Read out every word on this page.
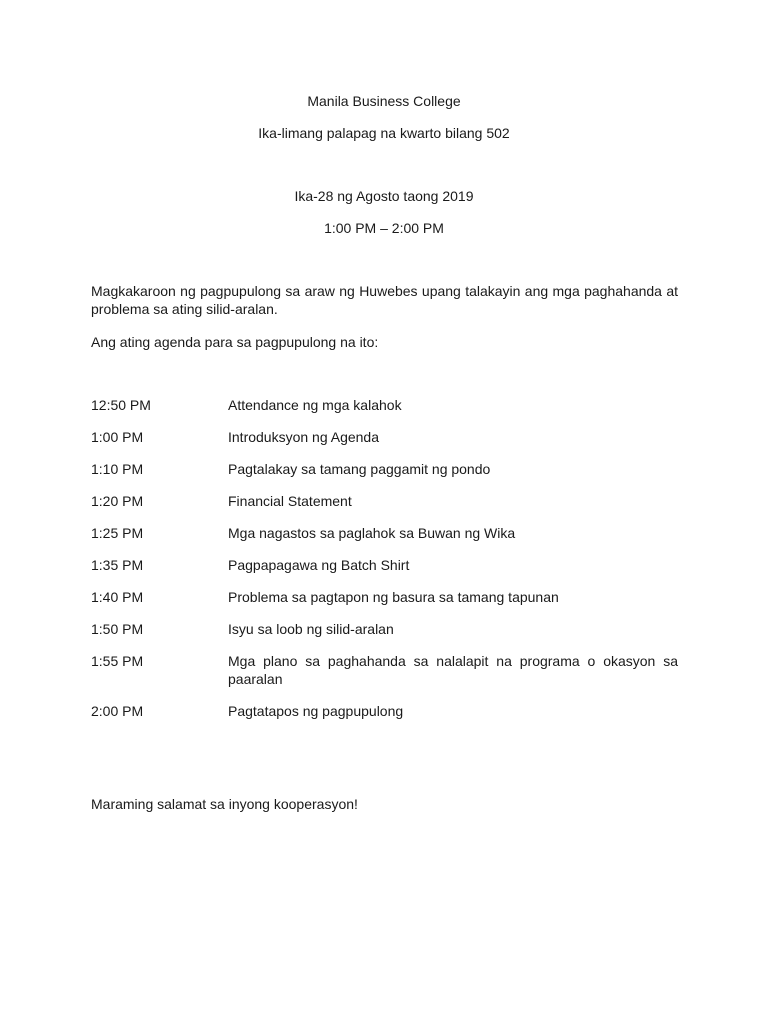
Manila Business College

Ika-limang palapag na kwarto bilang 502

Ika-28 ng Agosto taong 2019

1:00 PM – 2:00 PM

Magkakaroon ng pagpupulong sa araw ng Huwebes upang talakayin ang mga paghahanda at problema sa ating silid-aralan.

Ang ating agenda para sa pagpupulong na ito:

12:50 PM	Attendance ng mga kalahok
1:00 PM	Introduksyon ng Agenda
1:10 PM	Pagtalakay sa tamang paggamit ng pondo
1:20 PM	Financial Statement
1:25 PM	Mga nagastos sa paglahok sa Buwan ng Wika
1:35 PM	Pagpapagawa ng Batch Shirt
1:40 PM	Problema sa pagtapon ng basura sa tamang tapunan
1:50 PM	Isyu sa loob ng silid-aralan
1:55 PM	Mga plano sa paghahanda sa nalalapit na programa o okasyon sa paaralan
2:00 PM	Pagtatapos ng pagpupulong

Maraming salamat sa inyong kooperasyon!
